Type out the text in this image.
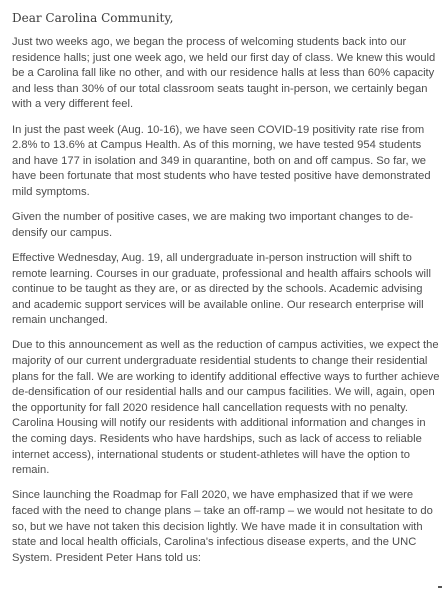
Dear Carolina Community,

Just two weeks ago, we began the process of welcoming students back into our residence halls; just one week ago, we held our first day of class. We knew this would be a Carolina fall like no other, and with our residence halls at less than 60% capacity and less than 30% of our total classroom seats taught in-person, we certainly began with a very different feel.

In just the past week (Aug. 10-16), we have seen COVID-19 positivity rate rise from 2.8% to 13.6% at Campus Health. As of this morning, we have tested 954 students and have 177 in isolation and 349 in quarantine, both on and off campus. So far, we have been fortunate that most students who have tested positive have demonstrated mild symptoms.

Given the number of positive cases, we are making two important changes to de-densify our campus.

Effective Wednesday, Aug. 19, all undergraduate in-person instruction will shift to remote learning. Courses in our graduate, professional and health affairs schools will continue to be taught as they are, or as directed by the schools. Academic advising and academic support services will be available online. Our research enterprise will remain unchanged.

Due to this announcement as well as the reduction of campus activities, we expect the majority of our current undergraduate residential students to change their residential plans for the fall. We are working to identify additional effective ways to further achieve de-densification of our residential halls and our campus facilities. We will, again, open the opportunity for fall 2020 residence hall cancellation requests with no penalty. Carolina Housing will notify our residents with additional information and changes in the coming days. Residents who have hardships, such as lack of access to reliable internet access), international students or student-athletes will have the option to remain.

Since launching the Roadmap for Fall 2020, we have emphasized that if we were faced with the need to change plans – take an off-ramp – we would not hesitate to do so, but we have not taken this decision lightly. We have made it in consultation with state and local health officials, Carolina's infectious disease experts, and the UNC System. President Peter Hans told us:
